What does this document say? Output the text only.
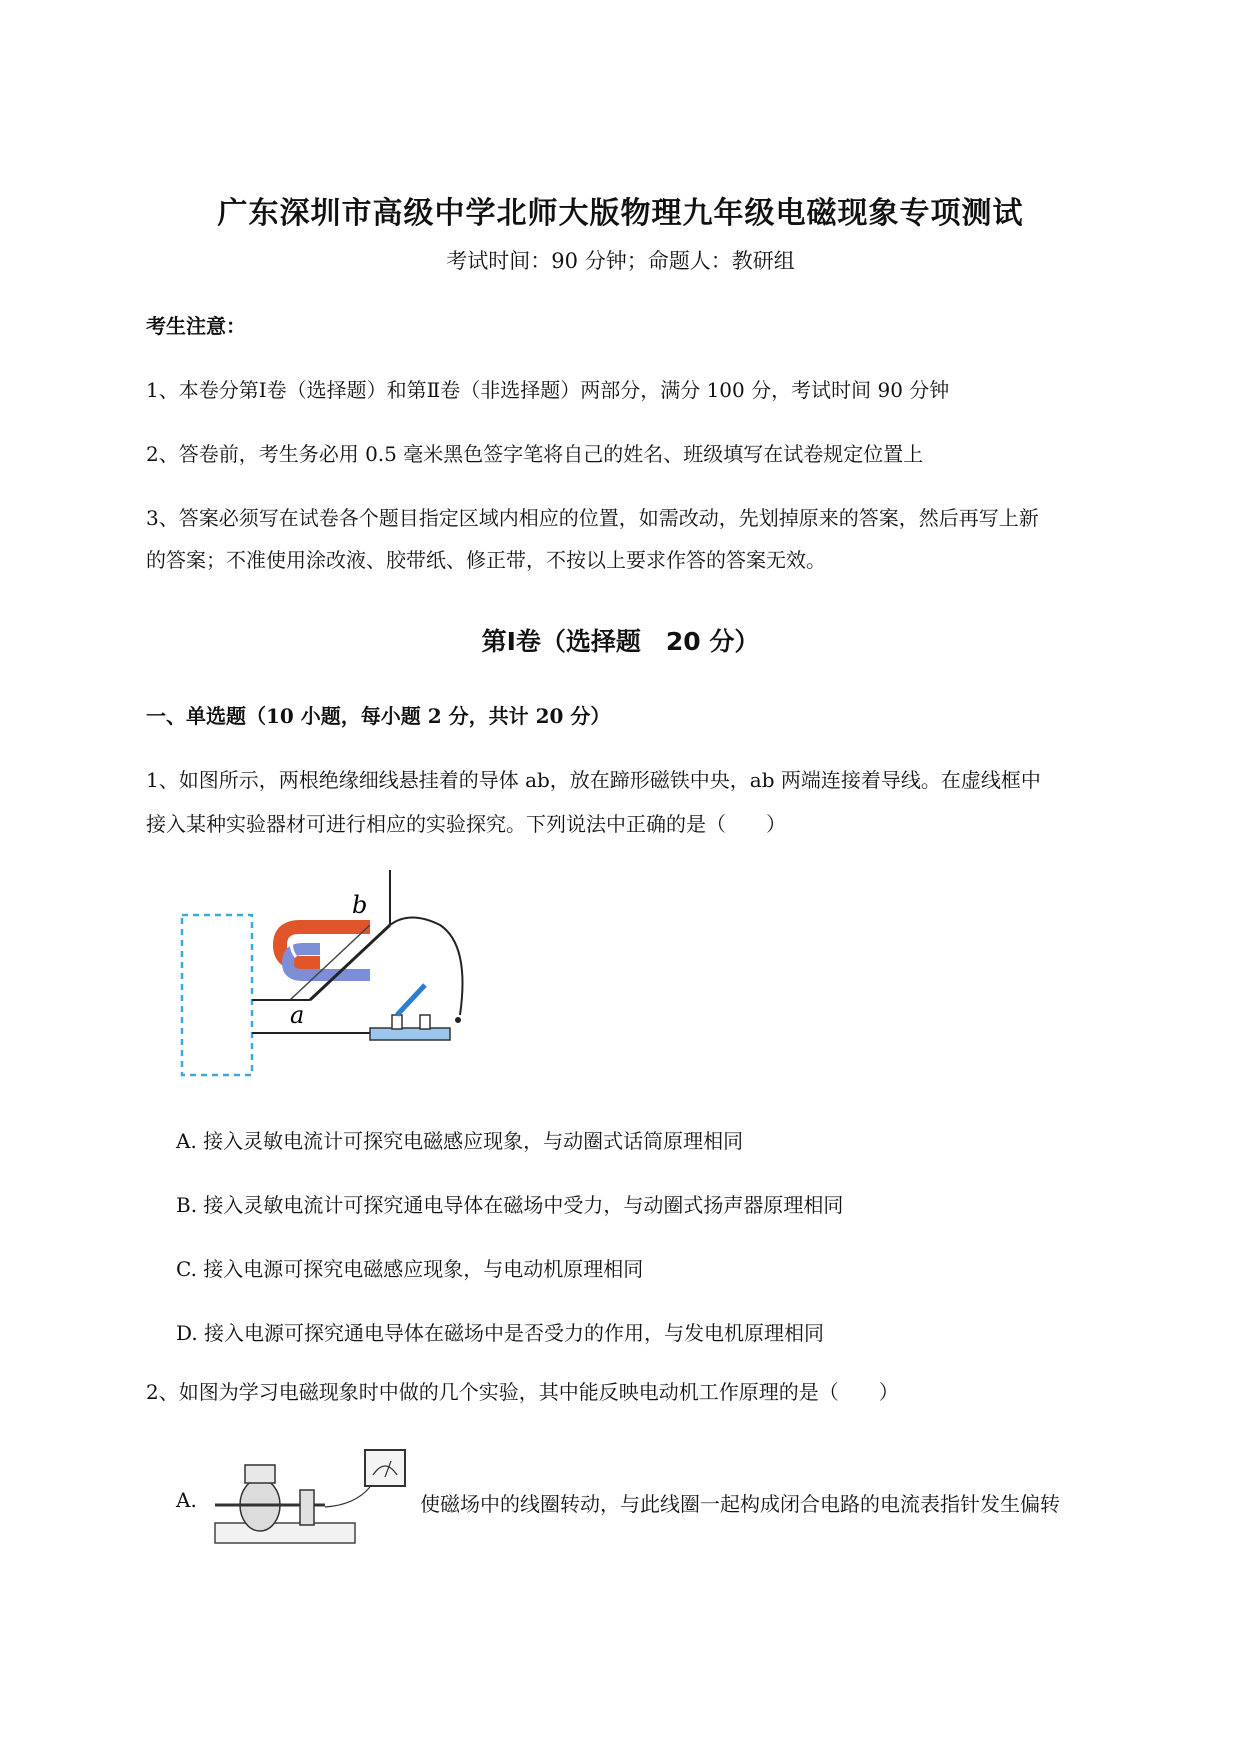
广东深圳市高级中学北师大版物理九年级电磁现象专项测试
考试时间：90 分钟；命题人：教研组
考生注意：
1、本卷分第Ⅰ卷（选择题）和第Ⅱ卷（非选择题）两部分，满分 100 分，考试时间 90 分钟
2、答卷前，考生务必用 0.5 毫米黑色签字笔将自己的姓名、班级填写在试卷规定位置上
3、答案必须写在试卷各个题目指定区域内相应的位置，如需改动，先划掉原来的答案，然后再写上新
的答案；不准使用涂改液、胶带纸、修正带，不按以上要求作答的答案无效。
第Ⅰ卷（选择题　20 分）
一、单选题（10 小题，每小题 2 分，共计 20 分）
1、如图所示，两根绝缘细线悬挂着的导体 ab，放在蹄形磁铁中央，ab 两端连接着导线。在虚线框中
接入某种实验器材可进行相应的实验探究。下列说法中正确的是（　　）
b
a
A. 接入灵敏电流计可探究电磁感应现象，与动圈式话筒原理相同
B. 接入灵敏电流计可探究通电导体在磁场中受力，与动圈式扬声器原理相同
C. 接入电源可探究电磁感应现象，与电动机原理相同
D. 接入电源可探究通电导体在磁场中是否受力的作用，与发电机原理相同
2、如图为学习电磁现象时中做的几个实验，其中能反映电动机工作原理的是（　　）
A.	使磁场中的线圈转动，与此线圈一起构成闭合电路的电流表指针发生偏转
